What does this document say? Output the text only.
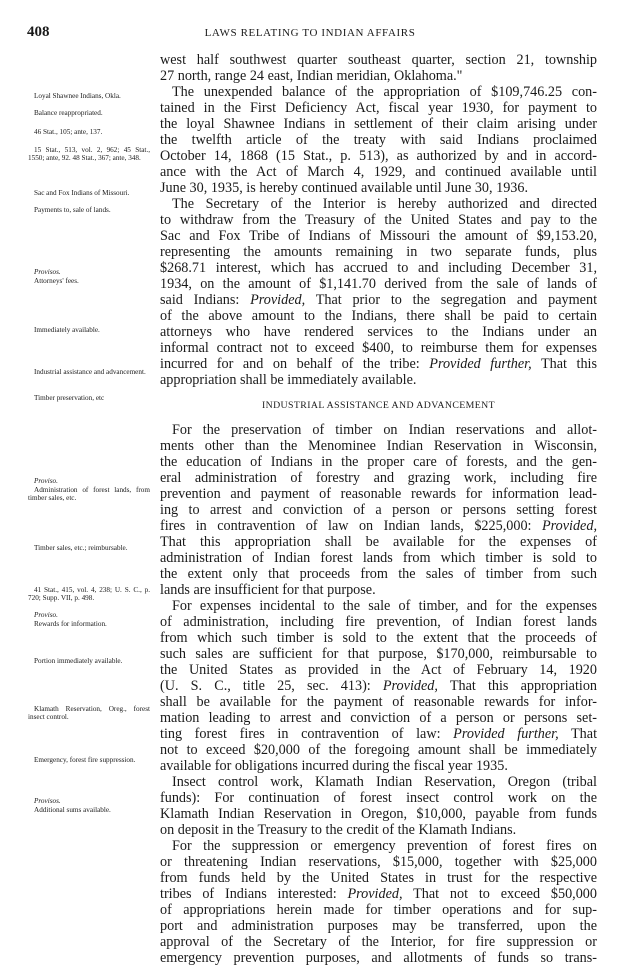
408	LAWS RELATING TO INDIAN AFFAIRS
Loyal Shawnee Indians, Okla.
Balance reappropriated.
46 Stat., 105; ante, 137.
15 Stat., 513, vol. 2, 962; 45 Stat., 1550; ante, 92. 48 Stat., 367; ante, 348.
Sac and Fox Indians of Missouri.
Payments to, sale of lands.
Provisos.
Attorneys' fees.
Immediately available.
Industrial assistance and advancement.
Timber preservation, etc
Proviso.
Administration of forest lands, from timber sales, etc.
Timber sales, etc.; reimbursable.
41 Stat., 415, vol. 4, 238; U. S. C., p. 720; Supp. VII, p. 498.
Proviso.
Rewards for information.
Portion immediately available.
Klamath Reservation, Oreg., forest insect control.
Emergency, forest fire suppression.
Provisos.
Additional sums available.
west half southwest quarter southeast quarter, section 21, township
27 north, range 24 east, Indian meridian, Oklahoma."
The unexpended balance of the appropriation of $109,746.25 con-
tained in the First Deficiency Act, fiscal year 1930, for payment to
the loyal Shawnee Indians in settlement of their claim arising under
the twelfth article of the treaty with said Indians proclaimed
October 14, 1868 (15 Stat., p. 513), as authorized by and in accord-
ance with the Act of March 4, 1929, and continued available until
June 30, 1935, is hereby continued available until June 30, 1936.
The Secretary of the Interior is hereby authorized and directed
to withdraw from the Treasury of the United States and pay to the
Sac and Fox Tribe of Indians of Missouri the amount of $9,153.20,
representing the amounts remaining in two separate funds, plus
$268.71 interest, which has accrued to and including December 31,
1934, on the amount of $1,141.70 derived from the sale of lands of
said Indians: Provided, That prior to the segregation and payment
of the above amount to the Indians, there shall be paid to certain
attorneys who have rendered services to the Indians under an
informal contract not to exceed $400, to reimburse them for expenses
incurred for and on behalf of the tribe: Provided further, That this
appropriation shall be immediately available.
INDUSTRIAL ASSISTANCE AND ADVANCEMENT
For the preservation of timber on Indian reservations and allot-
ments other than the Menominee Indian Reservation in Wisconsin,
the education of Indians in the proper care of forests, and the gen-
eral administration of forestry and grazing work, including fire
prevention and payment of reasonable rewards for information lead-
ing to arrest and conviction of a person or persons setting forest
fires in contravention of law on Indian lands, $225,000: Provided,
That this appropriation shall be available for the expenses of
administration of Indian forest lands from which timber is sold to
the extent only that proceeds from the sales of timber from such
lands are insufficient for that purpose.
For expenses incidental to the sale of timber, and for the expenses
of administration, including fire prevention, of Indian forest lands
from which such timber is sold to the extent that the proceeds of
such sales are sufficient for that purpose, $170,000, reimbursable to
the United States as provided in the Act of February 14, 1920
(U. S. C., title 25, sec. 413): Provided, That this appropriation
shall be available for the payment of reasonable rewards for infor-
mation leading to arrest and conviction of a person or persons set-
ting forest fires in contravention of law: Provided further, That
not to exceed $20,000 of the foregoing amount shall be immediately
available for obligations incurred during the fiscal year 1935.
Insect control work, Klamath Indian Reservation, Oregon (tribal
funds): For continuation of forest insect control work on the
Klamath Indian Reservation in Oregon, $10,000, payable from funds
on deposit in the Treasury to the credit of the Klamath Indians.
For the suppression or emergency prevention of forest fires on
or threatening Indian reservations, $15,000, together with $25,000
from funds held by the United States in trust for the respective
tribes of Indians interested: Provided, That not to exceed $50,000
of appropriations herein made for timber operations and for sup-
port and administration purposes may be transferred, upon the
approval of the Secretary of the Interior, for fire suppression or
emergency prevention purposes, and allotments of funds so trans-
